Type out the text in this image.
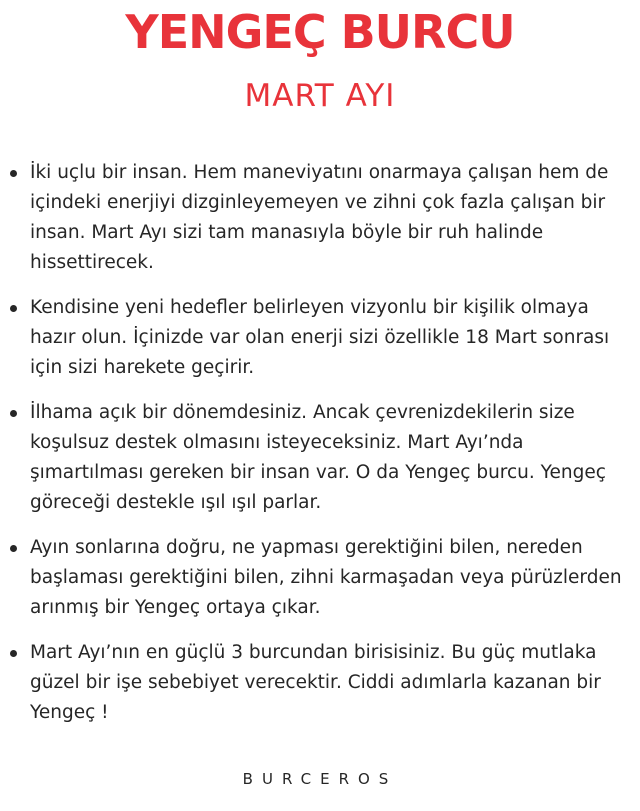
YENGEÇ BURCU
MART AYI
İki uçlu bir insan. Hem maneviyatını onarmaya çalışan hem de içindeki enerjiyi dizginleyemeyen ve zihni çok fazla çalışan bir insan. Mart Ayı sizi tam manasıyla böyle bir ruh halinde hissettirecek.
Kendisine yeni hedefler belirleyen vizyonlu bir kişilik olmaya hazır olun. İçinizde var olan enerji sizi özellikle 18 Mart sonrası için sizi harekete geçirir.
İlhama açık bir dönemdesiniz. Ancak çevrenizdekilerin size koşulsuz destek olmasını isteyeceksiniz. Mart Ayı’nda şımartılması gereken bir insan var. O da Yengeç burcu. Yengeç göreceği destekle ışıl ışıl parlar.
Ayın sonlarına doğru, ne yapması gerektiğini bilen, nereden başlaması gerektiğini bilen, zihni karmaşadan veya pürüzlerden arınmış bir Yengeç ortaya çıkar.
Mart Ayı’nın en güçlü 3 burcundan birisisiniz. Bu güç mutlaka güzel bir işe sebebiyet verecektir. Ciddi adımlarla kazanan bir Yengeç !
BURCEROS
